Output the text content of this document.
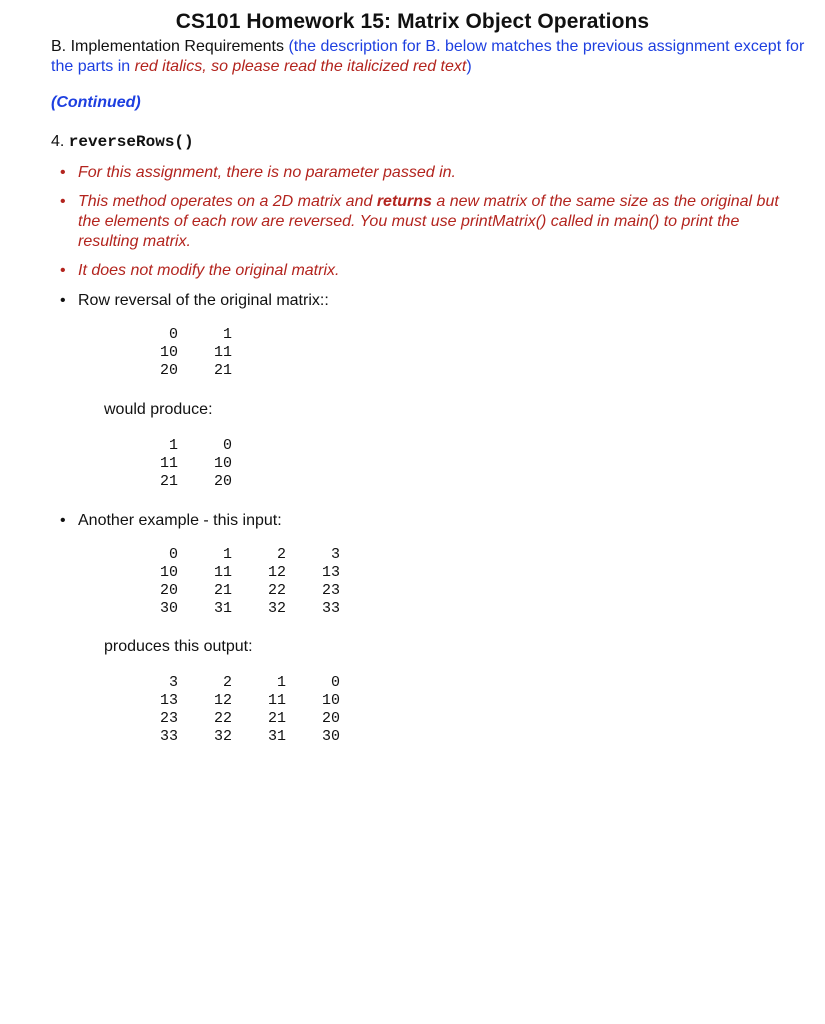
CS101 Homework 15: Matrix Object Operations
B. Implementation Requirements (the description for B. below matches the previous assignment except for the parts in red italics, so please read the italicized red text)
(Continued)
4. reverseRows()
• For this assignment, there is no parameter passed in.
• This method operates on a 2D matrix and returns a new matrix of the same size as the original but the elements of each row are reversed. You must use printMatrix() called in main() to print the resulting matrix.
• It does not modify the original matrix.
• Row reversal of the original matrix::
0	1
10 11
20 21
would produce:
1	0
11 10
21 20
• Another example - this input:
0	1	2	3
10 11 12 13
20 21 22 23
30 31 32 33
produces this output:
3	2	1	0
13 12 11 10
23 22 21 20
33 32 31 30
